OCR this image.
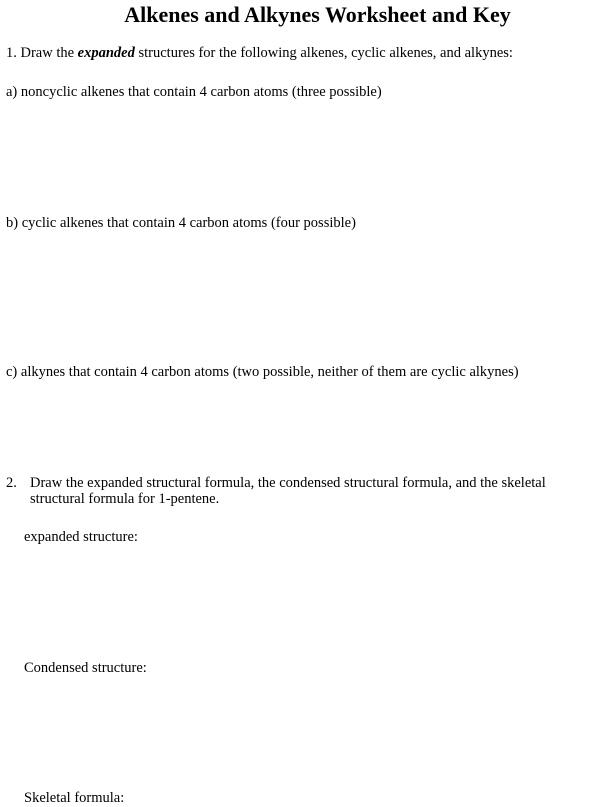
Alkenes and Alkynes Worksheet and Key
1. Draw the expanded structures for the following alkenes, cyclic alkenes, and alkynes:
a) noncyclic alkenes that contain 4 carbon atoms (three possible)
b) cyclic alkenes that contain 4 carbon atoms (four possible)
c) alkynes that contain 4 carbon atoms (two possible, neither of them are cyclic alkynes)
2. Draw the expanded structural formula, the condensed structural formula, and the skeletal
structural formula for 1-pentene.
expanded structure:
Condensed structure:
Skeletal formula:
